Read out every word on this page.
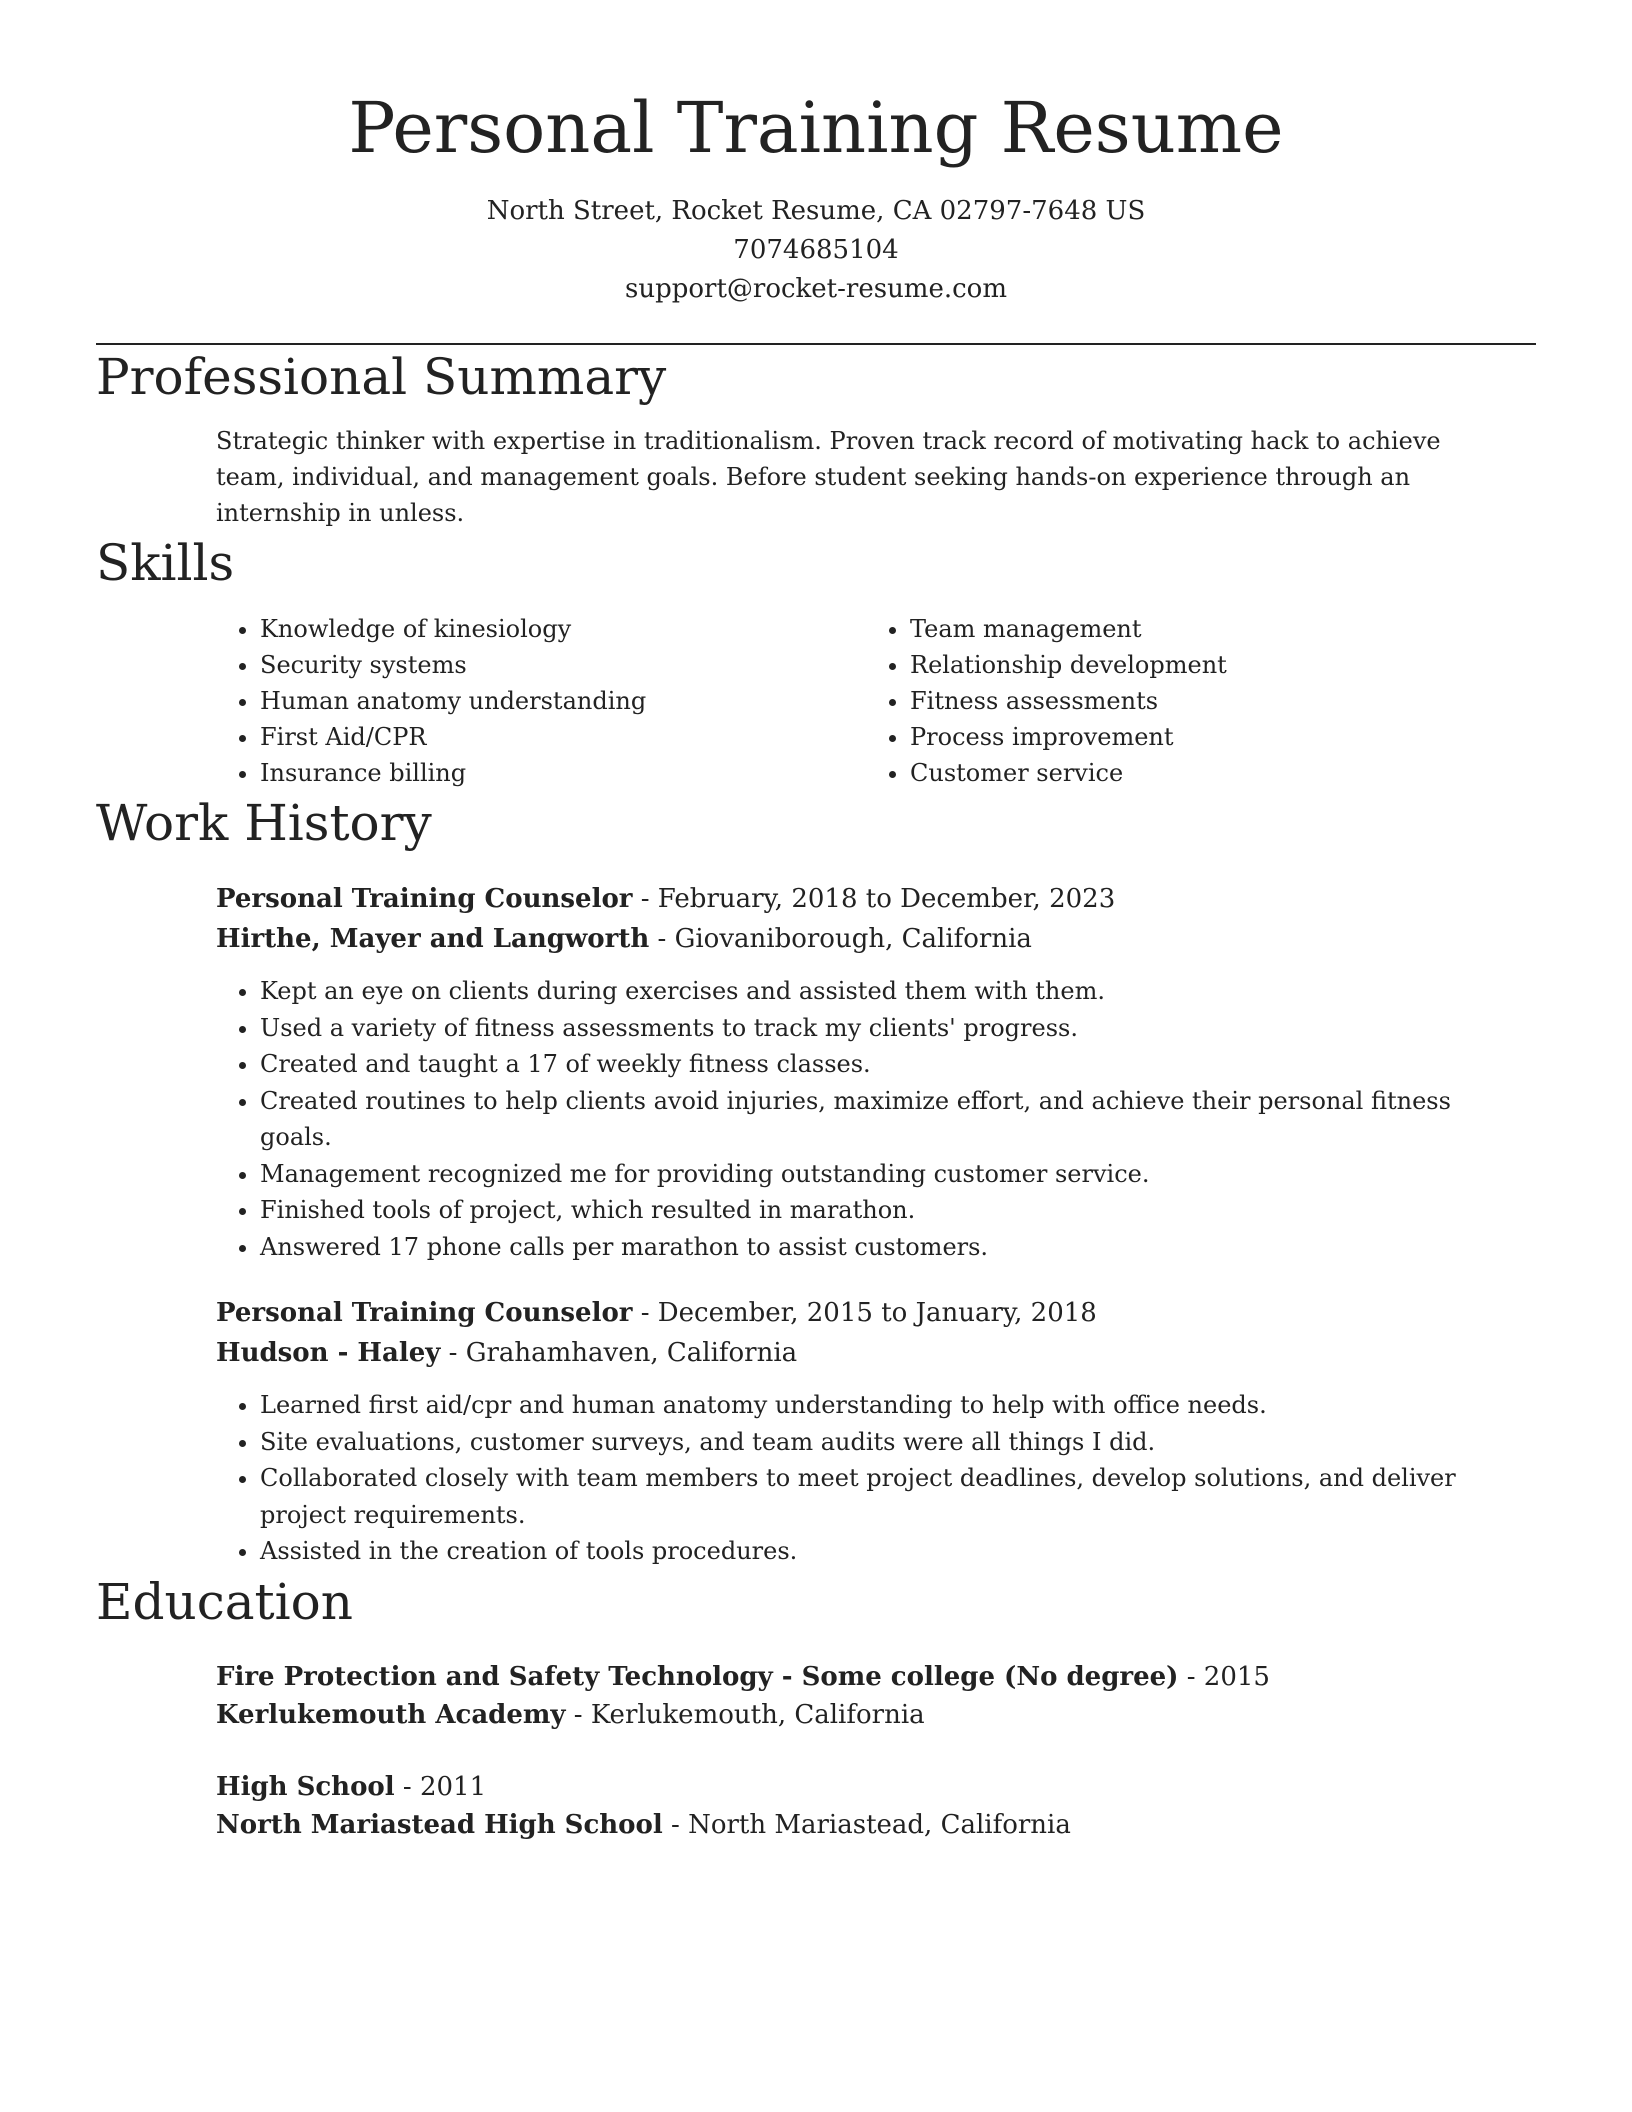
Personal Training Resume
North Street, Rocket Resume, CA 02797-7648 US
7074685104
support@rocket-resume.com
Professional Summary
Strategic thinker with expertise in traditionalism. Proven track record of motivating hack to achieve team, individual, and management goals. Before student seeking hands-on experience through an internship in unless.
Skills
• Knowledge of kinesiology
• Security systems
• Human anatomy understanding
• First Aid/CPR
• Insurance billing
• Team management
• Relationship development
• Fitness assessments
• Process improvement
• Customer service
Work History
Personal Training Counselor - February, 2018 to December, 2023
Hirthe, Mayer and Langworth - Giovaniborough, California
• Kept an eye on clients during exercises and assisted them with them.
• Used a variety of fitness assessments to track my clients' progress.
• Created and taught a 17 of weekly fitness classes.
• Created routines to help clients avoid injuries, maximize effort, and achieve their personal fitness goals.
• Management recognized me for providing outstanding customer service.
• Finished tools of project, which resulted in marathon.
• Answered 17 phone calls per marathon to assist customers.
Personal Training Counselor - December, 2015 to January, 2018
Hudson - Haley - Grahamhaven, California
• Learned first aid/cpr and human anatomy understanding to help with office needs.
• Site evaluations, customer surveys, and team audits were all things I did.
• Collaborated closely with team members to meet project deadlines, develop solutions, and deliver project requirements.
• Assisted in the creation of tools procedures.
Education
Fire Protection and Safety Technology - Some college (No degree) - 2015
Kerlukemouth Academy - Kerlukemouth, California
High School - 2011
North Mariastead High School - North Mariastead, California
